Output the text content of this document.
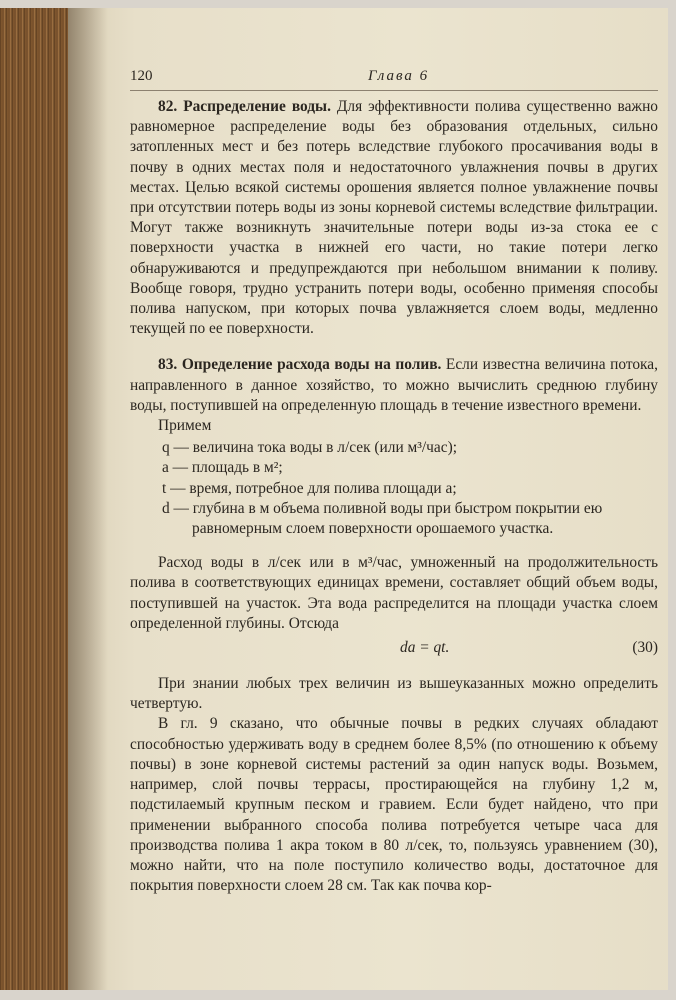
120	Глава 6

82. Распределение воды. Для эффективности полива существенно важно равномерное распределение воды без образования отдельных, сильно затопленных мест и без потерь вследствие глубокого просачивания воды в почву в одних местах поля и недостаточного увлажнения почвы в других местах. Целью всякой системы орошения является полное увлажнение почвы при отсутствии потерь воды из зоны корневой системы вследствие фильтрации. Могут также возникнуть значительные потери воды из-за стока ее с поверхности участка в нижней его части, но такие потери легко обнаруживаются и предупреждаются при небольшом внимании к поливу. Вообще говоря, трудно устранить потери воды, особенно применяя способы полива напуском, при которых почва увлажняется слоем воды, медленно текущей по ее поверхности.

83. Определение расхода воды на полив. Если известна величина потока, направленного в данное хозяйство, то можно вычислить среднюю глубину воды, поступившей на определенную площадь в течение известного времени.

Примем

q — величина тока воды в л/сек (или м³/час);

a — площадь в м²;

t — время, потребное для полива площади a;

d — глубина в м объема поливной воды при быстром покрытии ею равномерным слоем поверхности орошаемого участка.

Расход воды в л/сек или в м³/час, умноженный на продолжительность полива в соответствующих единицах времени, составляет общий объем воды, поступившей на участок. Эта вода распределится на площади участка слоем определенной глубины. Отсюда

da = qt.	(30)

При знании любых трех величин из вышеуказанных можно определить четвертую.

В гл. 9 сказано, что обычные почвы в редких случаях обладают способностью удерживать воду в среднем более 8,5% (по отношению к объему почвы) в зоне корневой системы растений за один напуск воды. Возьмем, например, слой почвы террасы, простирающейся на глубину 1,2 м, подстилаемый крупным песком и гравием. Если будет найдено, что при применении выбранного способа полива потребуется четыре часа для производства полива 1 акра током в 80 л/сек, то, пользуясь уравнением (30), можно найти, что на поле поступило количество воды, достаточное для покрытия поверхности слоем 28 см. Так как почва кор-
